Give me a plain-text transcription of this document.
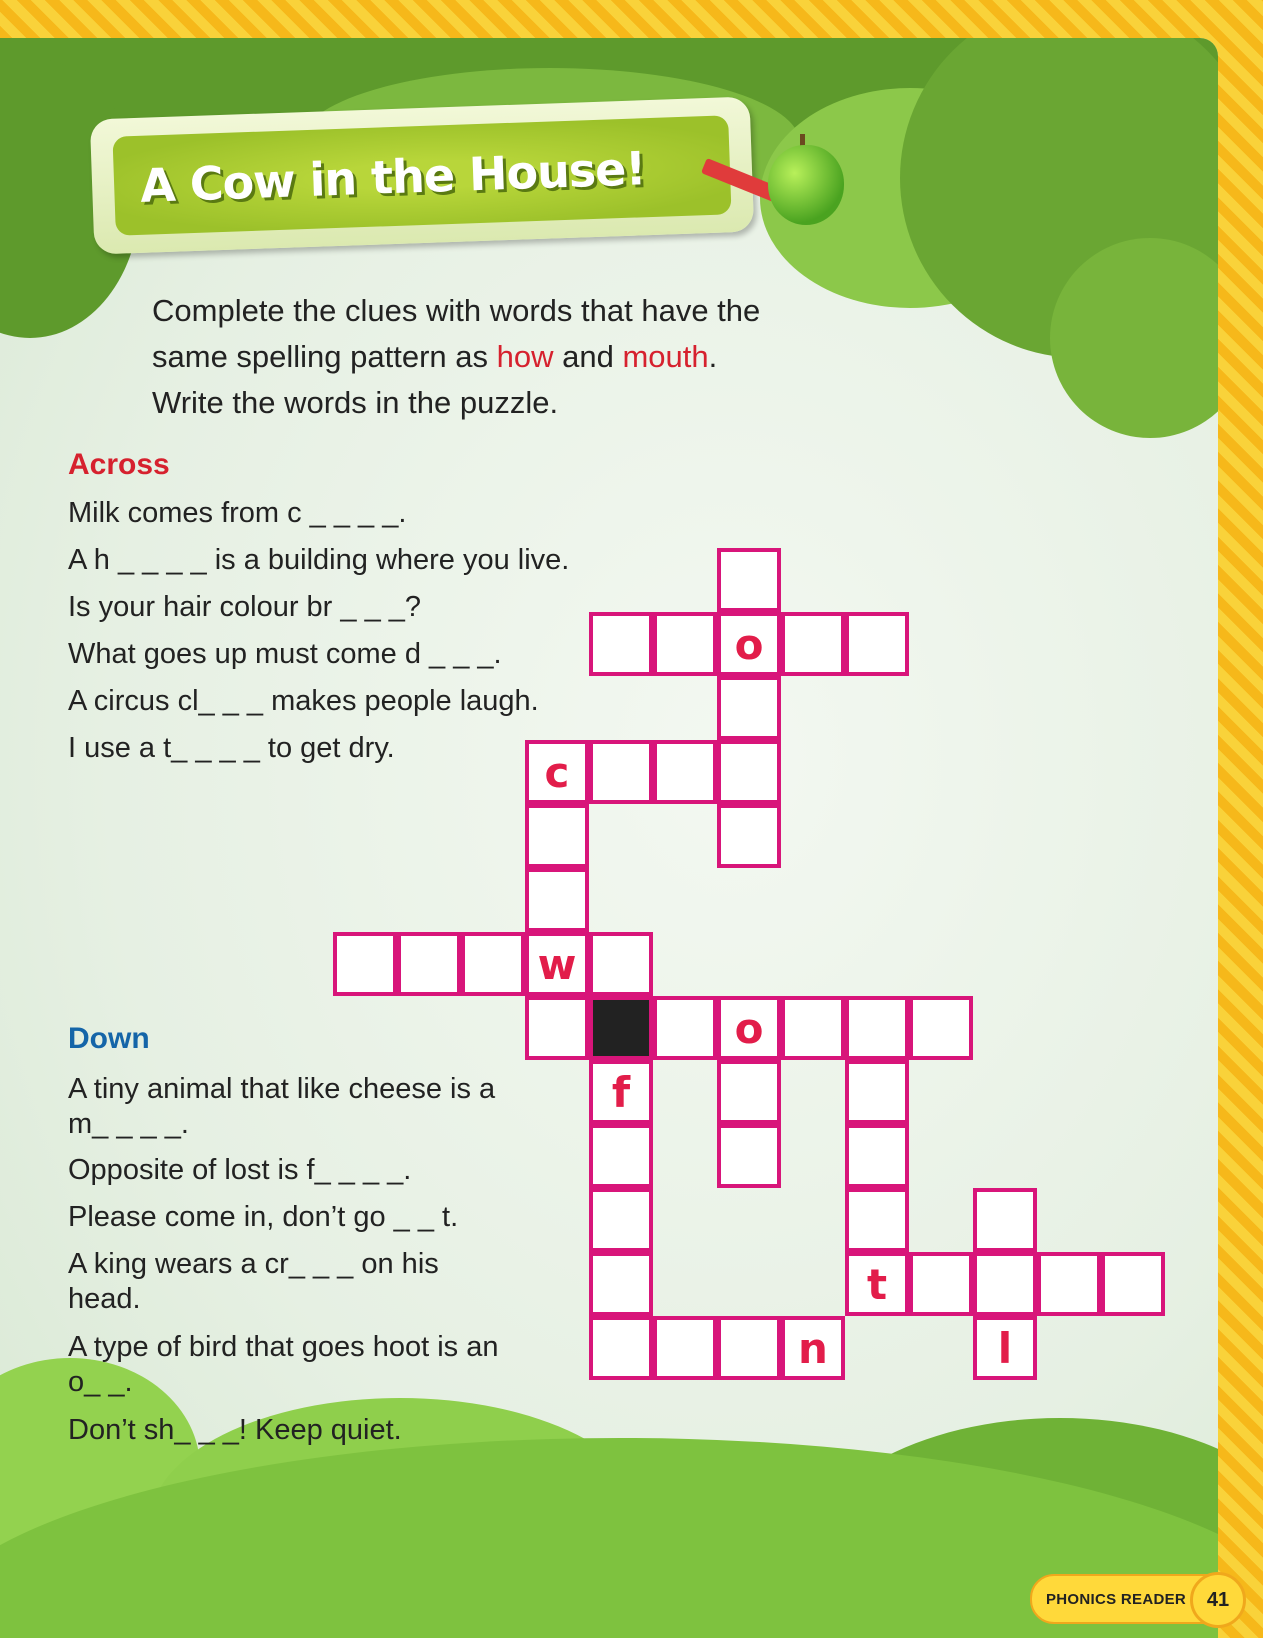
A Cow in the House!
Complete the clues with words that have the
same spelling pattern as how and mouth.
Write the words in the puzzle.
Across
Milk comes from c _ _ _ _.
A h _ _ _ _ is a building where you live.
Is your hair colour br _ _ _?
What goes up must come d _ _ _.
A circus cl_ _ _ makes people laugh.
I use a t_ _ _ _ to get dry.
Down
A tiny animal that like cheese is a m_ _ _ _.
Opposite of lost is f_ _ _ _.
Please come in, don’t go _ _ t.
A king wears a cr_ _ _ on his head.
A type of bird that goes hoot is an o_ _.
Don’t sh_ _ _! Keep quiet.
o
c
w
o
f
t
n	l
PHONICS READER	41
